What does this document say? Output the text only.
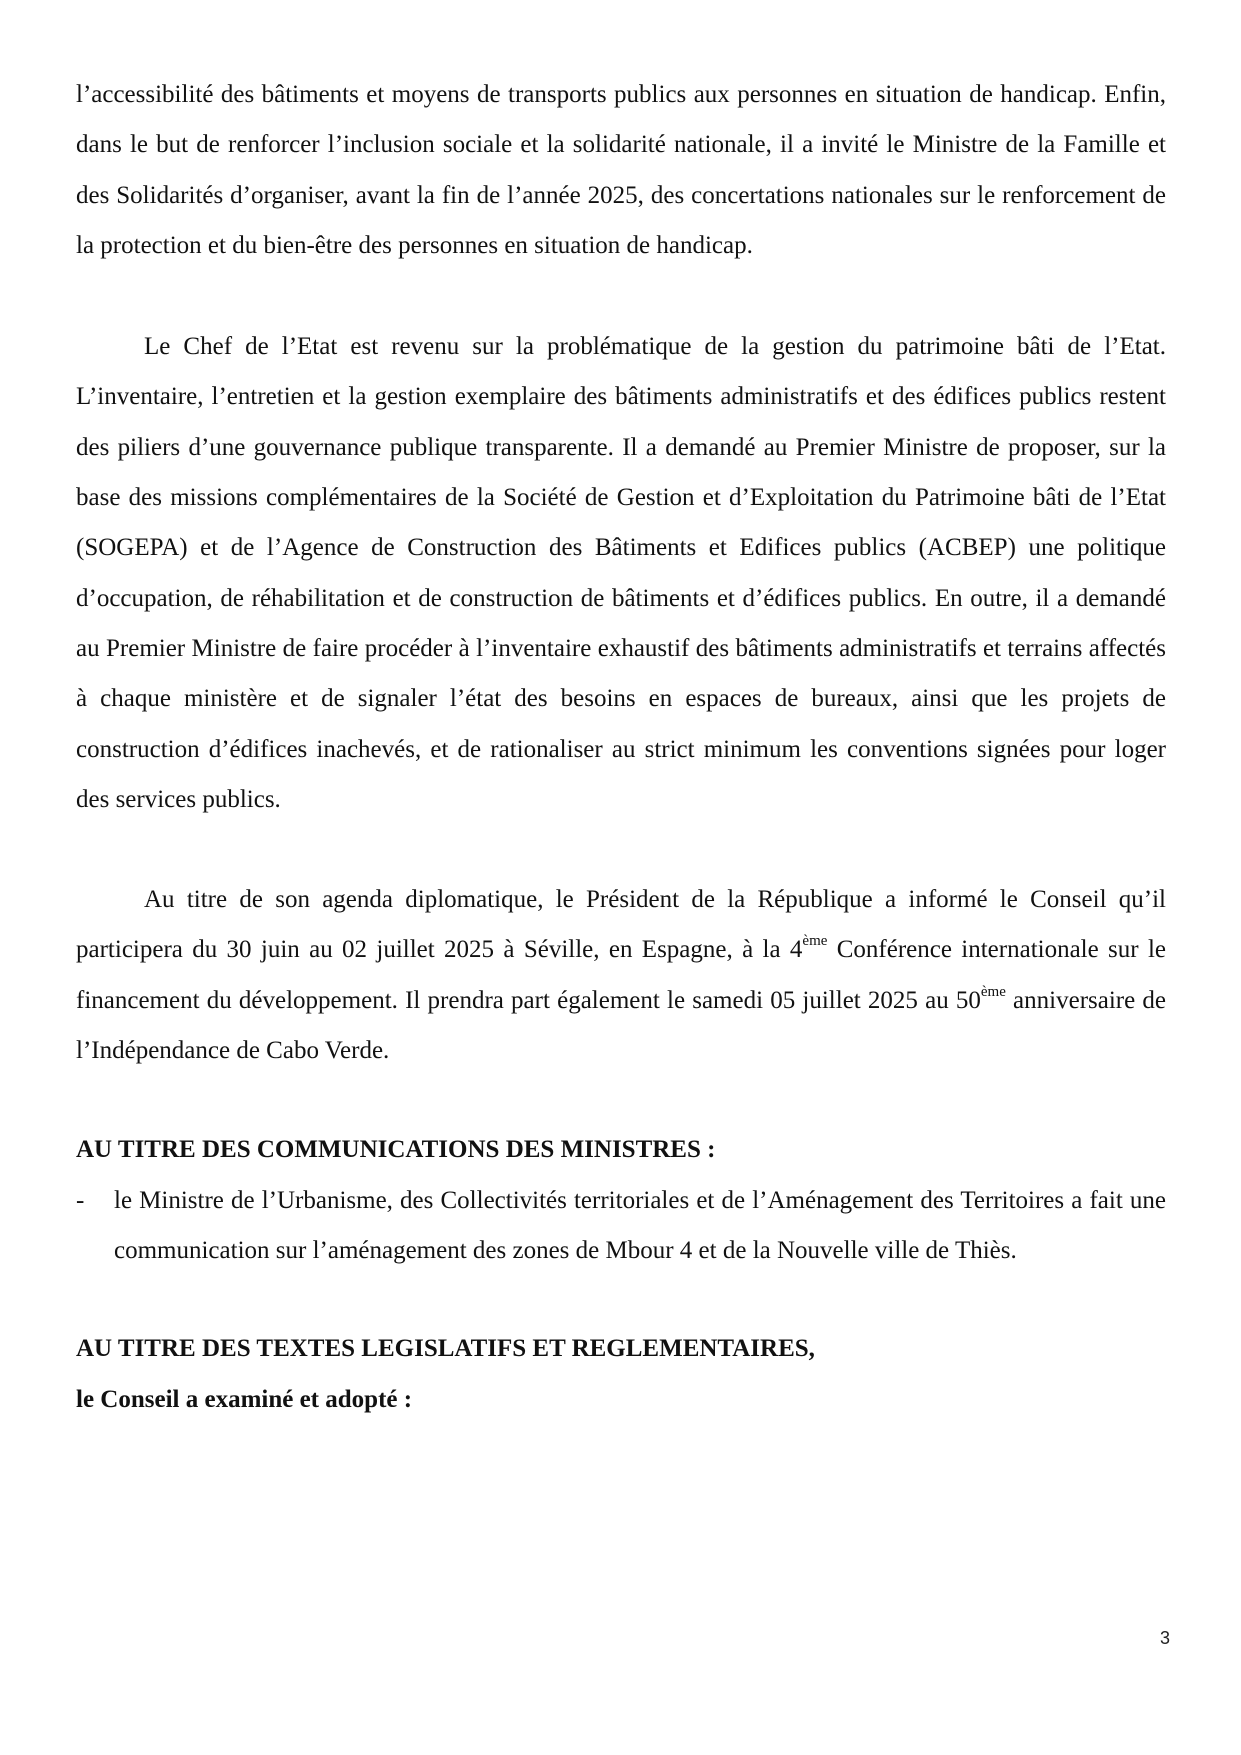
l’accessibilité des bâtiments et moyens de transports publics aux personnes en situation de handicap. Enfin, dans le but de renforcer l’inclusion sociale et la solidarité nationale, il a invité le Ministre de la Famille et des Solidarités d’organiser, avant la fin de l’année 2025, des concertations nationales sur le renforcement de la protection et du bien-être des personnes en situation de handicap.

Le Chef de l’Etat est revenu sur la problématique de la gestion du patrimoine bâti de l’Etat. L’inventaire, l’entretien et la gestion exemplaire des bâtiments administratifs et des édifices publics restent des piliers d’une gouvernance publique transparente. Il a demandé au Premier Ministre de proposer, sur la base des missions complémentaires de la Société de Gestion et d’Exploitation du Patrimoine bâti de l’Etat (SOGEPA) et de l’Agence de Construction des Bâtiments et Edifices publics (ACBEP) une politique d’occupation, de réhabilitation et de construction de bâtiments et d’édifices publics. En outre, il a demandé au Premier Ministre de faire procéder à l’inventaire exhaustif des bâtiments administratifs et terrains affectés à chaque ministère et de signaler l’état des besoins en espaces de bureaux, ainsi que les projets de construction d’édifices inachevés, et de rationaliser au strict minimum les conventions signées pour loger des services publics.

Au titre de son agenda diplomatique, le Président de la République a informé le Conseil qu’il participera du 30 juin au 02 juillet 2025 à Séville, en Espagne, à la 4ème Conférence internationale sur le financement du développement. Il prendra part également le samedi 05 juillet 2025 au 50ème anniversaire de l’Indépendance de Cabo Verde.

AU TITRE DES COMMUNICATIONS DES MINISTRES :
- le Ministre de l’Urbanisme, des Collectivités territoriales et de l’Aménagement des Territoires a fait une communication sur l’aménagement des zones de Mbour 4 et de la Nouvelle ville de Thiès.
AU TITRE DES TEXTES LEGISLATIFS ET REGLEMENTAIRES,
le Conseil a examiné et adopté :
3
